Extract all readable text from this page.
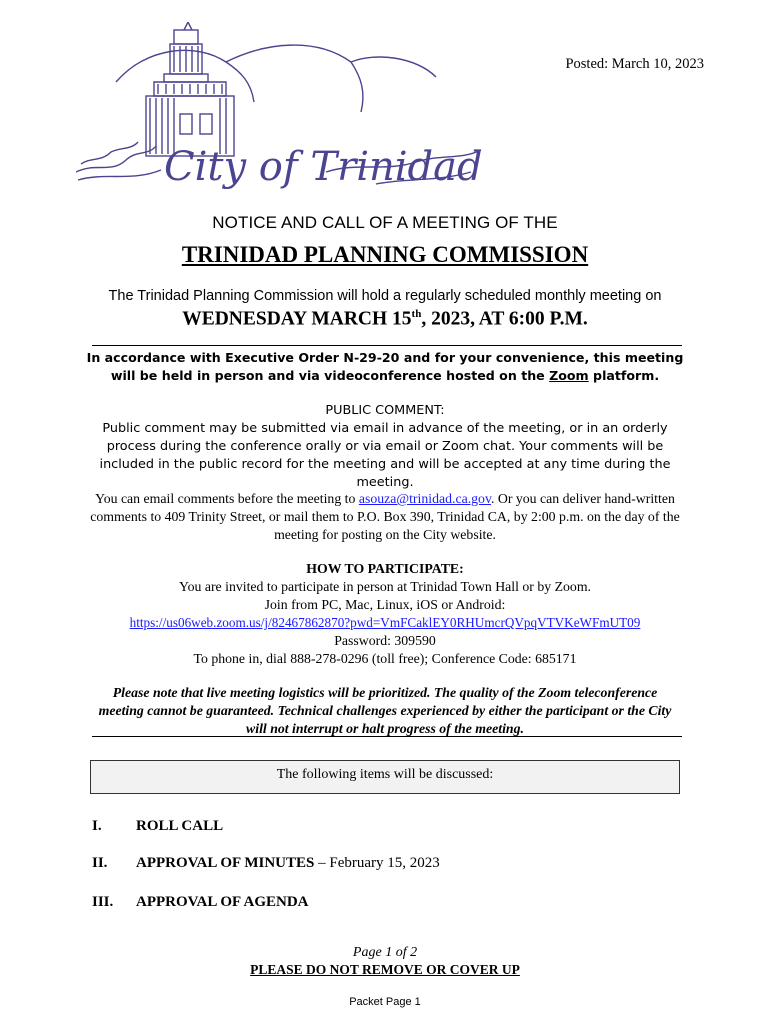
City of Trinidad
Posted: March 10, 2023
NOTICE AND CALL OF A MEETING OF THE
TRINIDAD PLANNING COMMISSION
The Trinidad Planning Commission will hold a regularly scheduled monthly meeting on
WEDNESDAY MARCH 15th, 2023, AT 6:00 P.M.
In accordance with Executive Order N-29-20 and for your convenience, this meeting will be held in person and via videoconference hosted on the Zoom platform.
PUBLIC COMMENT:
Public comment may be submitted via email in advance of the meeting, or in an orderly process during the conference orally or via email or Zoom chat. Your comments will be included in the public record for the meeting and will be accepted at any time during the meeting.
You can email comments before the meeting to asouza@trinidad.ca.gov. Or you can deliver hand-written comments to 409 Trinity Street, or mail them to P.O. Box 390, Trinidad CA, by 2:00 p.m. on the day of the meeting for posting on the City website.
HOW TO PARTICIPATE:
You are invited to participate in person at Trinidad Town Hall or by Zoom.
Join from PC, Mac, Linux, iOS or Android:
https://us06web.zoom.us/j/82467862870?pwd=VmFCaklEY0RHUmcrQVpqVTVKeWFmUT09
Password: 309590
To phone in, dial 888-278-0296 (toll free); Conference Code: 685171
Please note that live meeting logistics will be prioritized. The quality of the Zoom teleconference meeting cannot be guaranteed. Technical challenges experienced by either the participant or the City will not interrupt or halt progress of the meeting.
The following items will be discussed:
I. ROLL CALL
II. APPROVAL OF MINUTES – February 15, 2023
III. APPROVAL OF AGENDA
Page 1 of 2
PLEASE DO NOT REMOVE OR COVER UP
Packet Page 1
